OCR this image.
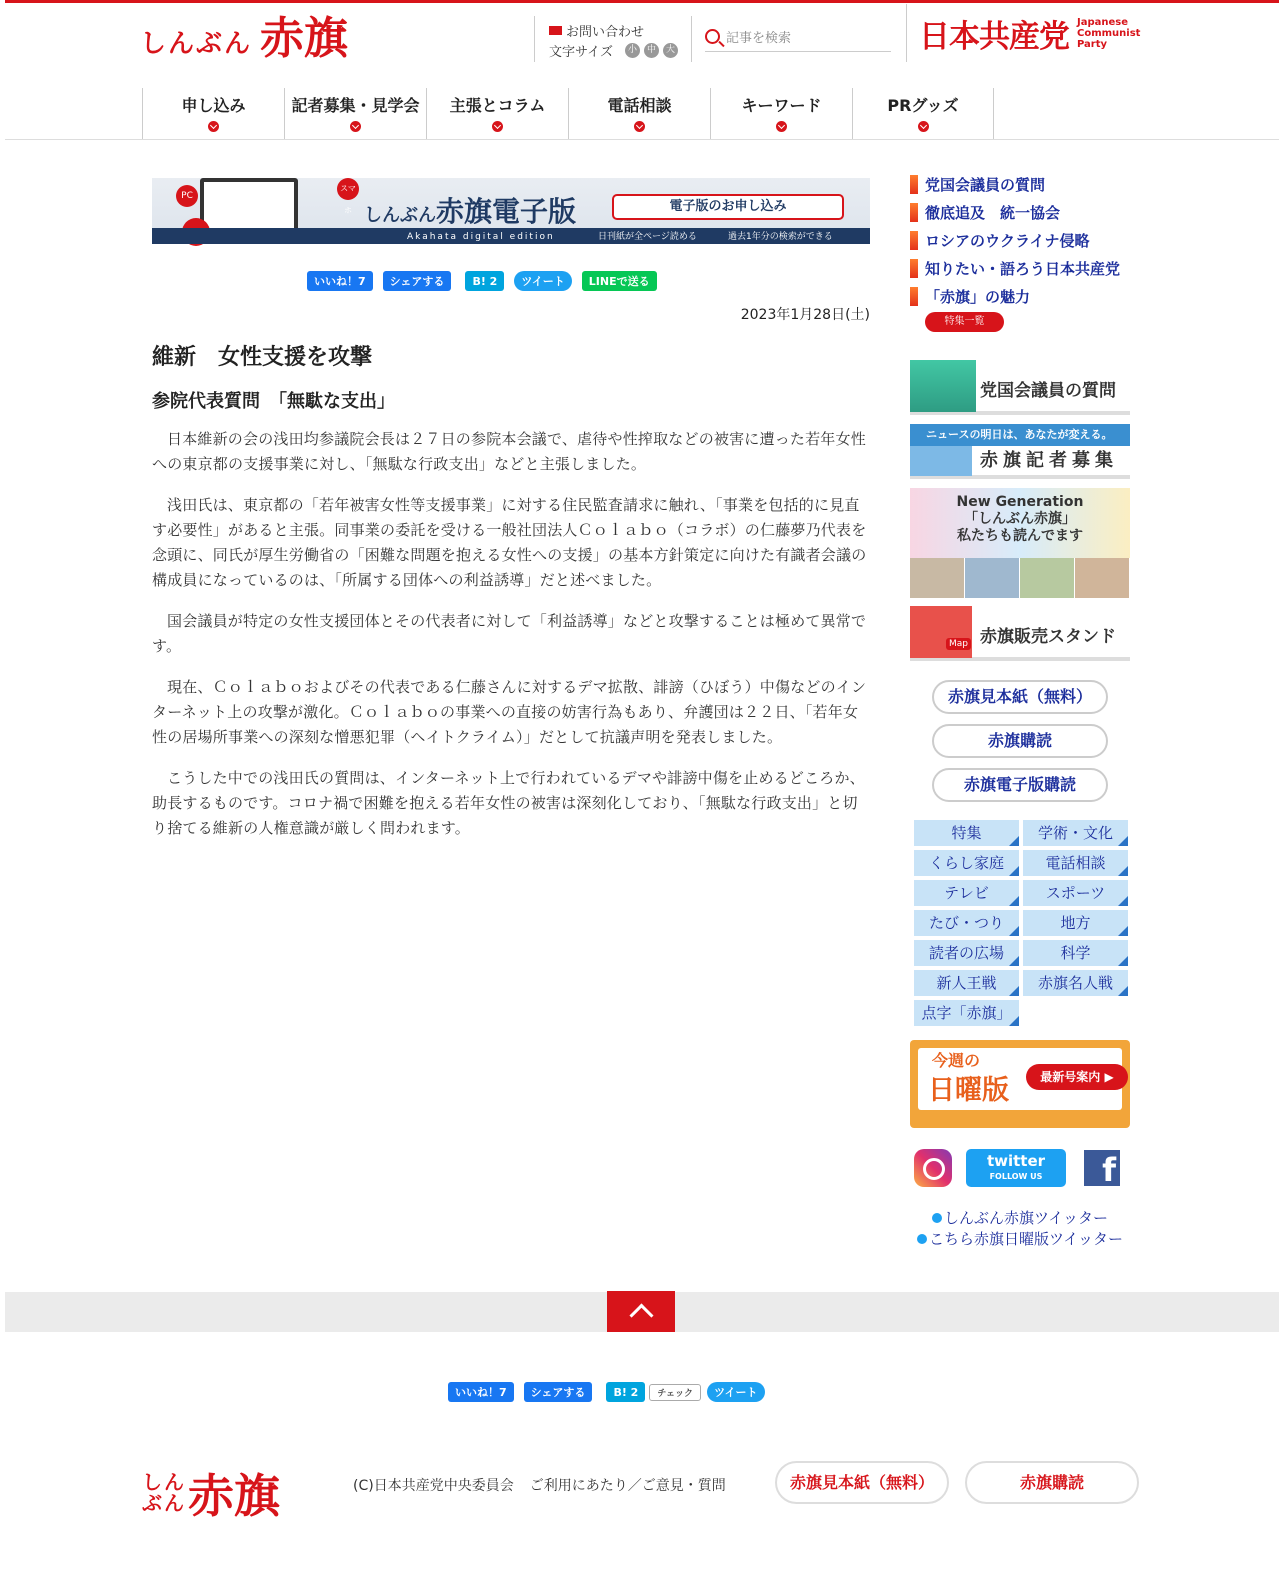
しんぶん 赤旗	お問い合わせ
文字サイズ	小	中	大
記事を検索	日本共産党 Japanese Communist Party
申し込み	記者募集・見学会	主張とコラム	電話相談	キーワード	PRグッズ
PC
ト
スマホ しんぶん赤旗電子版	電子版のお申し込み
Akahata digital edition	日刊紙が全ページ読める	過去1年分の検索ができる
いいね！7	シェアする	B! 2	ツイート	LINEで送る
2023年1月28日(土)
維新　女性支援を攻撃
参院代表質問　「無駄な支出」

日本維新の会の浅田均参議院会長は２７日の参院本会議で、虐待や性搾取などの被害に遭った若年女性への東京都の支援事業に対し、「無駄な行政支出」などと主張しました。

浅田氏は、東京都の「若年被害女性等支援事業」に対する住民監査請求に触れ、「事業を包括的に見直す必要性」があると主張。同事業の委託を受ける一般社団法人Ｃｏｌａｂｏ（コラボ）の仁藤夢乃代表を念頭に、同氏が厚生労働省の「困難な問題を抱える女性への支援」の基本方針策定に向けた有識者会議の構成員になっているのは、「所属する団体への利益誘導」だと述べました。

国会議員が特定の女性支援団体とその代表者に対して「利益誘導」などと攻撃することは極めて異常です。

現在、Ｃｏｌａｂｏおよびその代表である仁藤さんに対するデマ拡散、誹謗（ひぼう）中傷などのインターネット上の攻撃が激化。Ｃｏｌａｂｏの事業への直接の妨害行為もあり、弁護団は２２日、「若年女性の居場所事業への深刻な憎悪犯罪（ヘイトクライム）」だとして抗議声明を発表しました。

こうした中での浅田氏の質問は、インターネット上で行われているデマや誹謗中傷を止めるどころか、助長するものです。コロナ禍で困難を抱える若年女性の被害は深刻化しており、「無駄な行政支出」と切り捨てる維新の人権意識が厳しく問われます。

党国会議員の質問
徹底追及　統一協会
ロシアのウクライナ侵略
知りたい・語ろう日本共産党
「赤旗」の魅力
特集一覧
党国会議員の質問
ニュースの明日は、あなたが変える。
赤旗記者募集
New Generation
「しんぶん赤旗」
私たちも読んでます
Map 赤旗販売スタンド
赤旗見本紙（無料）
赤旗購読
赤旗電子版購読
特集	学術・文化
くらし家庭	電話相談
テレビ	スポーツ
たび・つり	地方
読者の広場	科学
新人王戦	赤旗名人戦
点字「赤旗」
今週の
日曜版	最新号案内 ▶
twitter
FOLLOW US	f
しんぶん赤旗ツイッター
こちら赤旗日曜版ツイッター
いいね！7	シェアする	B! 2	チェック	ツイート
しんぶん 赤旗	(C)日本共産党中央委員会 ご利用にあたり／ご意見・質問	赤旗見本紙（無料）	赤旗購読
